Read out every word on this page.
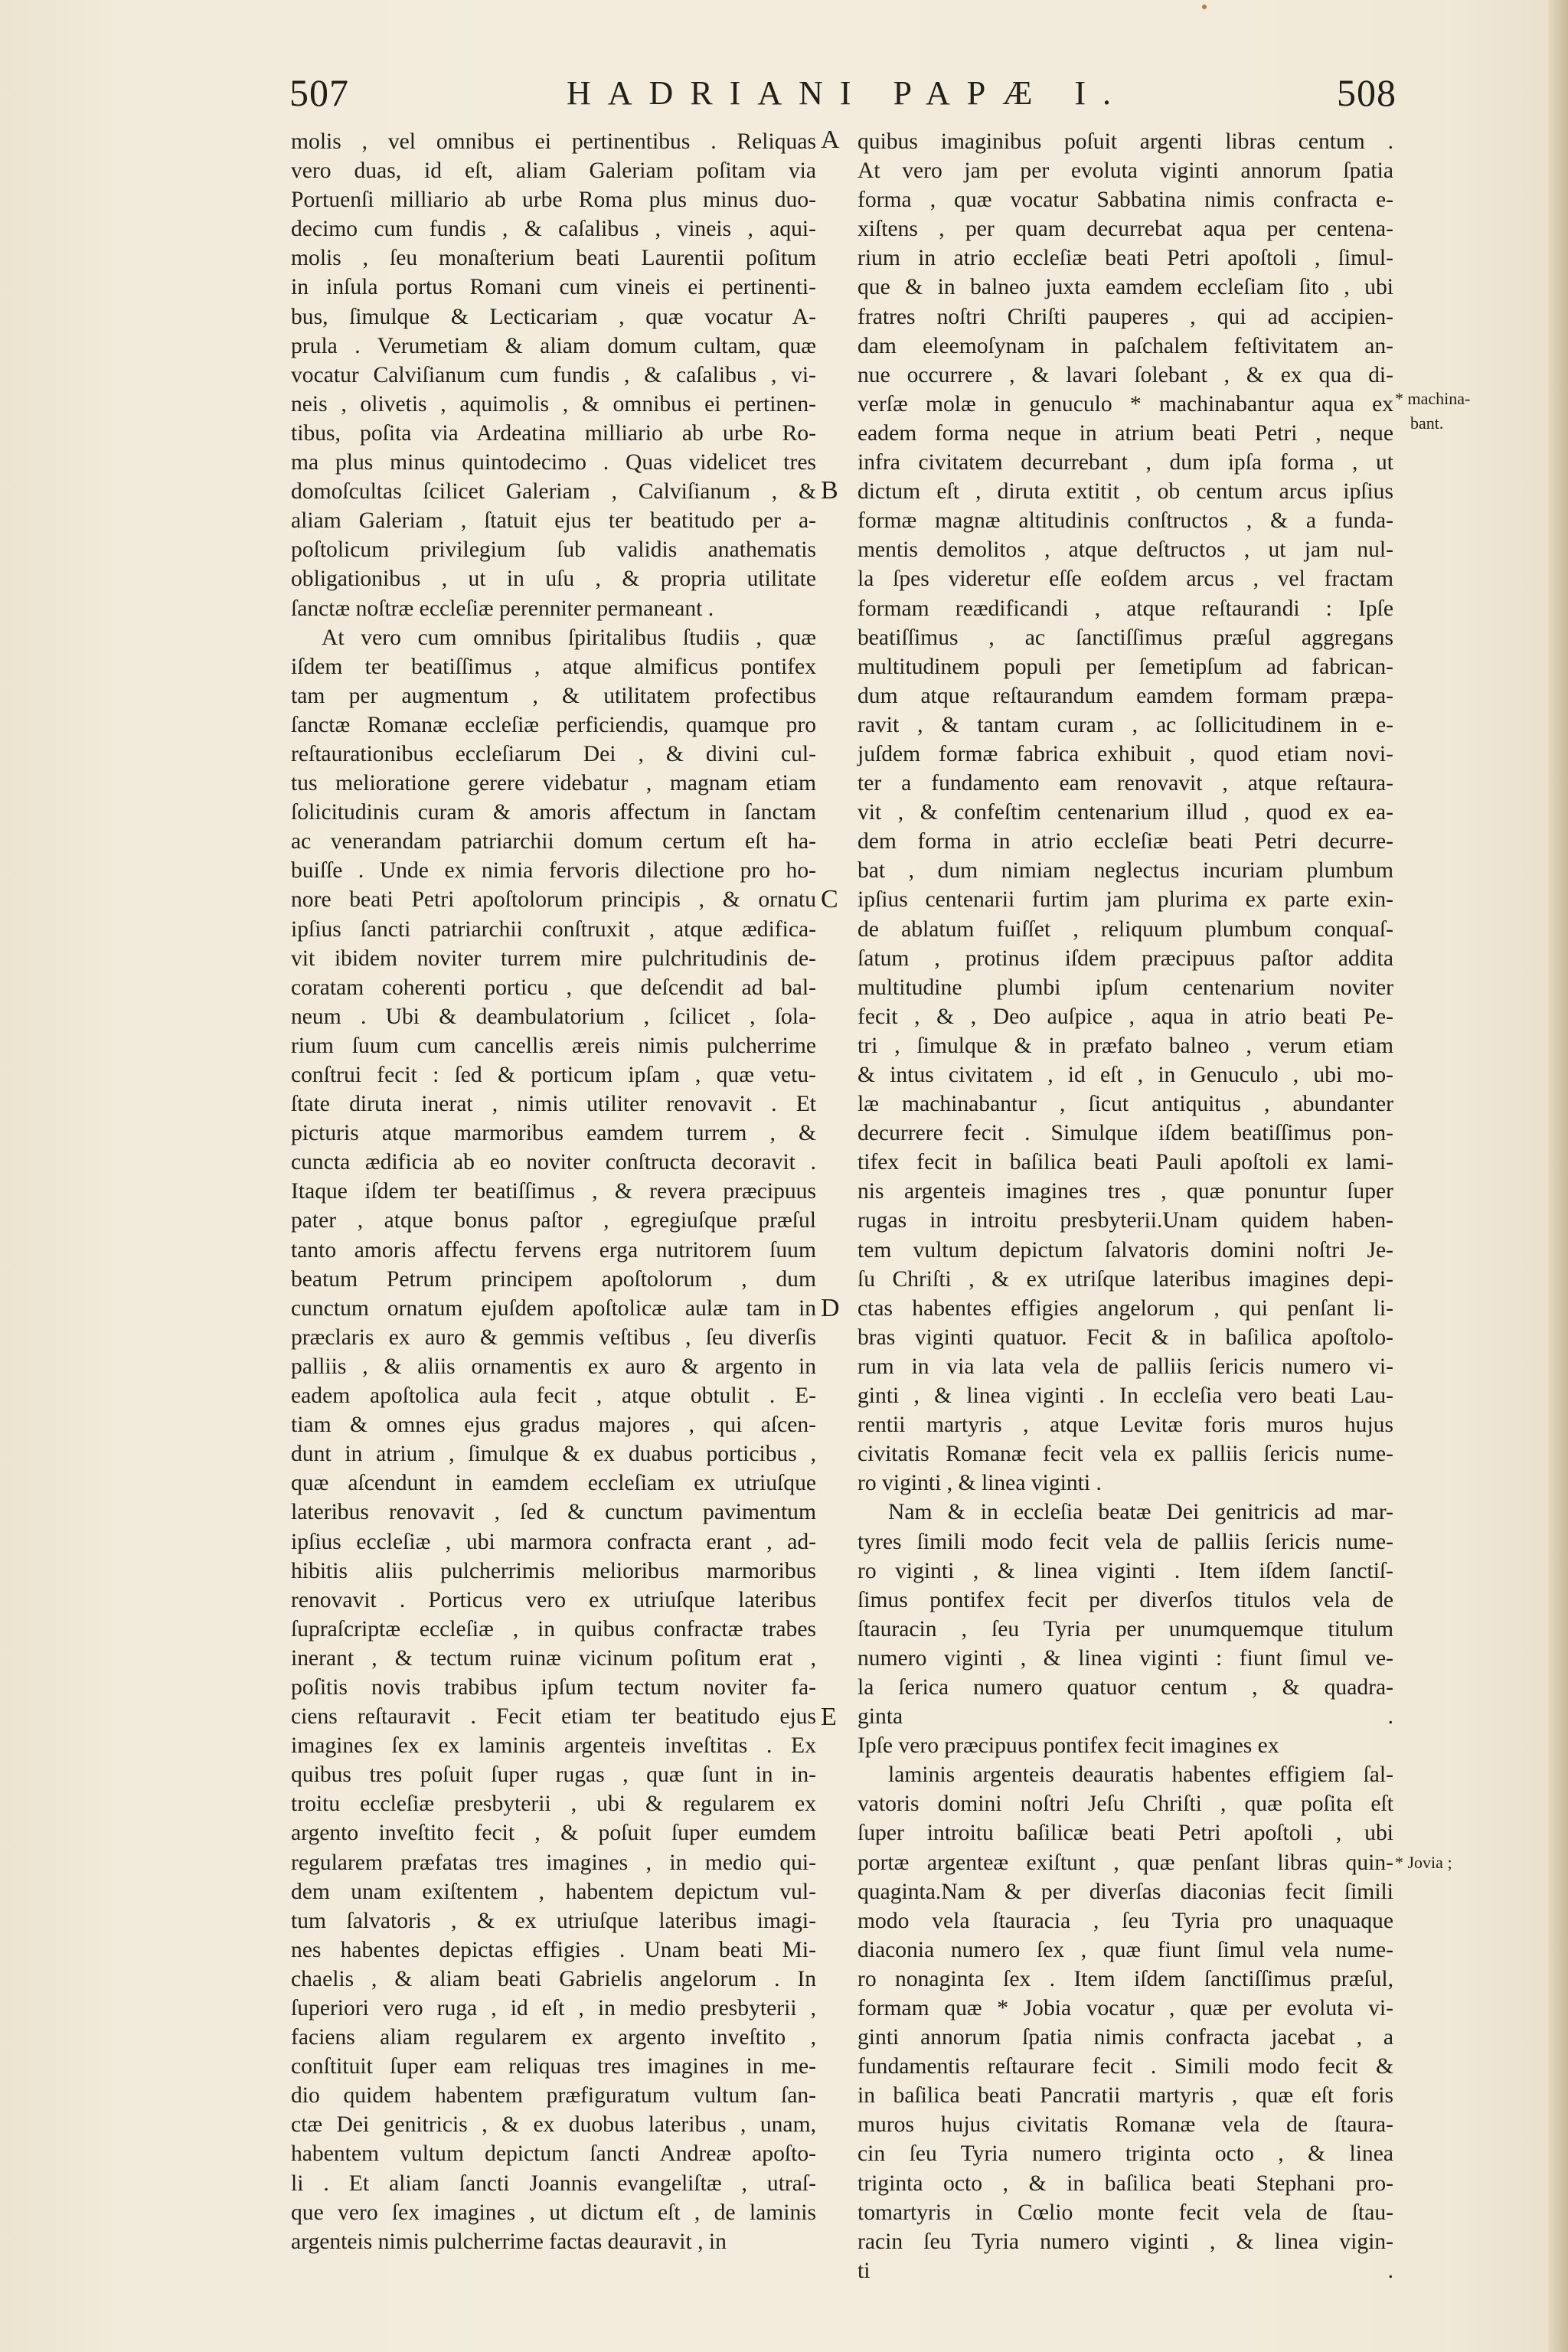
507	HADRIANI PAPÆ I.	508
molis , vel omnibus ei pertinentibus . Reliquas
vero duas, id eſt, aliam Galeriam poſitam via
Portuenſi milliario ab urbe Roma plus minus duo-
decimo cum fundis , & caſalibus , vineis , aqui-
molis , ſeu monaſterium beati Laurentii poſitum
in inſula portus Romani cum vineis ei pertinenti-
bus, ſimulque & Lecticariam , quæ vocatur A-
prula . Verumetiam & aliam domum cultam, quæ
vocatur Calviſianum cum fundis , & caſalibus , vi-
neis , olivetis , aquimolis , & omnibus ei pertinen-
tibus, poſita via Ardeatina milliario ab urbe Ro-
ma plus minus quintodecimo . Quas videlicet tres
domoſcultas ſcilicet Galeriam , Calviſianum , &
aliam Galeriam , ſtatuit ejus ter beatitudo per a-
poſtolicum privilegium ſub validis anathematis
obligationibus , ut in uſu , & propria utilitate
ſanctæ noſtræ eccleſiæ perenniter permaneant .
At vero cum omnibus ſpiritalibus ſtudiis , quæ
iſdem ter beatiſſimus , atque almificus pontifex
tam per augmentum , & utilitatem profectibus
ſanctæ Romanæ eccleſiæ perficiendis, quamque pro
reſtaurationibus eccleſiarum Dei , & divini cul-
tus melioratione gerere videbatur , magnam etiam
ſolicitudinis curam & amoris affectum in ſanctam
ac venerandam patriarchii domum certum eſt ha-
buiſſe . Unde ex nimia fervoris dilectione pro ho-
nore beati Petri apoſtolorum principis , & ornatu
ipſius ſancti patriarchii conſtruxit , atque ædifica-
vit ibidem noviter turrem mire pulchritudinis de-
coratam coherenti porticu , que deſcendit ad bal-
neum . Ubi & deambulatorium , ſcilicet , ſola-
rium ſuum cum cancellis æreis nimis pulcherrime
conſtrui fecit : ſed & porticum ipſam , quæ vetu-
ſtate diruta inerat , nimis utiliter renovavit . Et
picturis atque marmoribus eamdem turrem , &
cuncta ædificia ab eo noviter conſtructa decoravit .
Itaque iſdem ter beatiſſimus , & revera præcipuus
pater , atque bonus paſtor , egregiuſque præſul
tanto amoris affectu fervens erga nutritorem ſuum
beatum Petrum principem apoſtolorum , dum
cunctum ornatum ejuſdem apoſtolicæ aulæ tam in
præclaris ex auro & gemmis veſtibus , ſeu diverſis
palliis , & aliis ornamentis ex auro & argento in
eadem apoſtolica aula fecit , atque obtulit . E-
tiam & omnes ejus gradus majores , qui aſcen-
dunt in atrium , ſimulque & ex duabus porticibus ,
quæ aſcendunt in eamdem eccleſiam ex utriuſque
lateribus renovavit , ſed & cunctum pavimentum
ipſius eccleſiæ , ubi marmora confracta erant , ad-
hibitis aliis pulcherrimis melioribus marmoribus
renovavit . Porticus vero ex utriuſque lateribus
ſupraſcriptæ eccleſiæ , in quibus confractæ trabes
inerant , & tectum ruinæ vicinum poſitum erat ,
poſitis novis trabibus ipſum tectum noviter fa-
ciens reſtauravit . Fecit etiam ter beatitudo ejus
imagines ſex ex laminis argenteis inveſtitas . Ex
quibus tres poſuit ſuper rugas , quæ ſunt in in-
troitu eccleſiæ presbyterii , ubi & regularem ex
argento inveſtito fecit , & poſuit ſuper eumdem
regularem præfatas tres imagines , in medio qui-
dem unam exiſtentem , habentem depictum vul-
tum ſalvatoris , & ex utriuſque lateribus imagi-
nes habentes depictas effigies . Unam beati Mi-
chaelis , & aliam beati Gabrielis angelorum . In
ſuperiori vero ruga , id eſt , in medio presbyterii ,
faciens aliam regularem ex argento inveſtito ,
conſtituit ſuper eam reliquas tres imagines in me-
dio quidem habentem præfiguratum vultum ſan-
ctæ Dei genitricis , & ex duobus lateribus , unam,
habentem vultum depictum ſancti Andreæ apoſto-
li . Et aliam ſancti Joannis evangeliſtæ , utraſ-
que vero ſex imagines , ut dictum eſt , de laminis
argenteis nimis pulcherrime factas deauravit , in
quibus imaginibus poſuit argenti libras centum .
At vero jam per evoluta viginti annorum ſpatia
forma , quæ vocatur Sabbatina nimis confracta e-
xiſtens , per quam decurrebat aqua per centena-
rium in atrio eccleſiæ beati Petri apoſtoli , ſimul-
que & in balneo juxta eamdem eccleſiam ſito , ubi
fratres noſtri Chriſti pauperes , qui ad accipien-
dam eleemoſynam in paſchalem feſtivitatem an-
nue occurrere , & lavari ſolebant , & ex qua di-
verſæ molæ in genuculo * machinabantur aqua ex
eadem forma neque in atrium beati Petri , neque
infra civitatem decurrebant , dum ipſa forma , ut
dictum eſt , diruta extitit , ob centum arcus ipſius
formæ magnæ altitudinis conſtructos , & a funda-
mentis demolitos , atque deſtructos , ut jam nul-
la ſpes videretur eſſe eoſdem arcus , vel fractam
formam reædificandi , atque reſtaurandi : Ipſe
beatiſſimus , ac ſanctiſſimus præſul aggregans
multitudinem populi per ſemetipſum ad fabrican-
dum atque reſtaurandum eamdem formam præpa-
ravit , & tantam curam , ac ſollicitudinem in e-
juſdem formæ fabrica exhibuit , quod etiam novi-
ter a fundamento eam renovavit , atque reſtaura-
vit , & confeſtim centenarium illud , quod ex ea-
dem forma in atrio eccleſiæ beati Petri decurre-
bat , dum nimiam neglectus incuriam plumbum
ipſius centenarii furtim jam plurima ex parte exin-
de ablatum fuiſſet , reliquum plumbum conquaſ-
ſatum , protinus iſdem præcipuus paſtor addita
multitudine plumbi ipſum centenarium noviter
fecit , & , Deo auſpice , aqua in atrio beati Pe-
tri , ſimulque & in præfato balneo , verum etiam
& intus civitatem , id eſt , in Genuculo , ubi mo-
læ machinabantur , ſicut antiquitus , abundanter
decurrere fecit . Simulque iſdem beatiſſimus pon-
tifex fecit in baſilica beati Pauli apoſtoli ex lami-
nis argenteis imagines tres , quæ ponuntur ſuper
rugas in introitu presbyterii.Unam quidem haben-
tem vultum depictum ſalvatoris domini noſtri Je-
ſu Chriſti , & ex utriſque lateribus imagines depi-
ctas habentes effigies angelorum , qui penſant li-
bras viginti quatuor. Fecit & in baſilica apoſtolo-
rum in via lata vela de palliis ſericis numero vi-
ginti , & linea viginti . In eccleſia vero beati Lau-
rentii martyris , atque Levitæ foris muros hujus
civitatis Romanæ fecit vela ex palliis ſericis nume-
ro viginti , & linea viginti .
Nam & in eccleſia beatæ Dei genitricis ad mar-
tyres ſimili modo fecit vela de palliis ſericis nume-
ro viginti , & linea viginti . Item iſdem ſanctiſ-
ſimus pontifex fecit per diverſos titulos vela de
ſtauracin , ſeu Tyria per unumquemque titulum
numero viginti , & linea viginti : fiunt ſimul ve-
la ſerica numero quatuor centum , & quadra-
ginta .
Ipſe vero præcipuus pontifex fecit imagines ex
laminis argenteis deauratis habentes effigiem ſal-
vatoris domini noſtri Jeſu Chriſti , quæ poſita eſt
ſuper introitu baſilicæ beati Petri apoſtoli , ubi
portæ argenteæ exiſtunt , quæ penſant libras quin-
quaginta.Nam & per diverſas diaconias fecit ſimili
modo vela ſtauracia , ſeu Tyria pro unaquaque
diaconia numero ſex , quæ fiunt ſimul vela nume-
ro nonaginta ſex . Item iſdem ſanctiſſimus præſul,
formam quæ * Jobia vocatur , quæ per evoluta vi-
ginti annorum ſpatia nimis confracta jacebat , a
fundamentis reſtaurare fecit . Simili modo fecit &
in baſilica beati Pancratii martyris , quæ eſt foris
muros hujus civitatis Romanæ vela de ſtaura-
cin ſeu Tyria numero triginta octo , & linea
triginta octo , & in baſilica beati Stephani pro-
tomartyris in Cœlio monte fecit vela de ſtau-
racin ſeu Tyria numero viginti , & linea vigin-
ti .
A
B
C
D
E
* machina-
bant.
* Jovia ;
